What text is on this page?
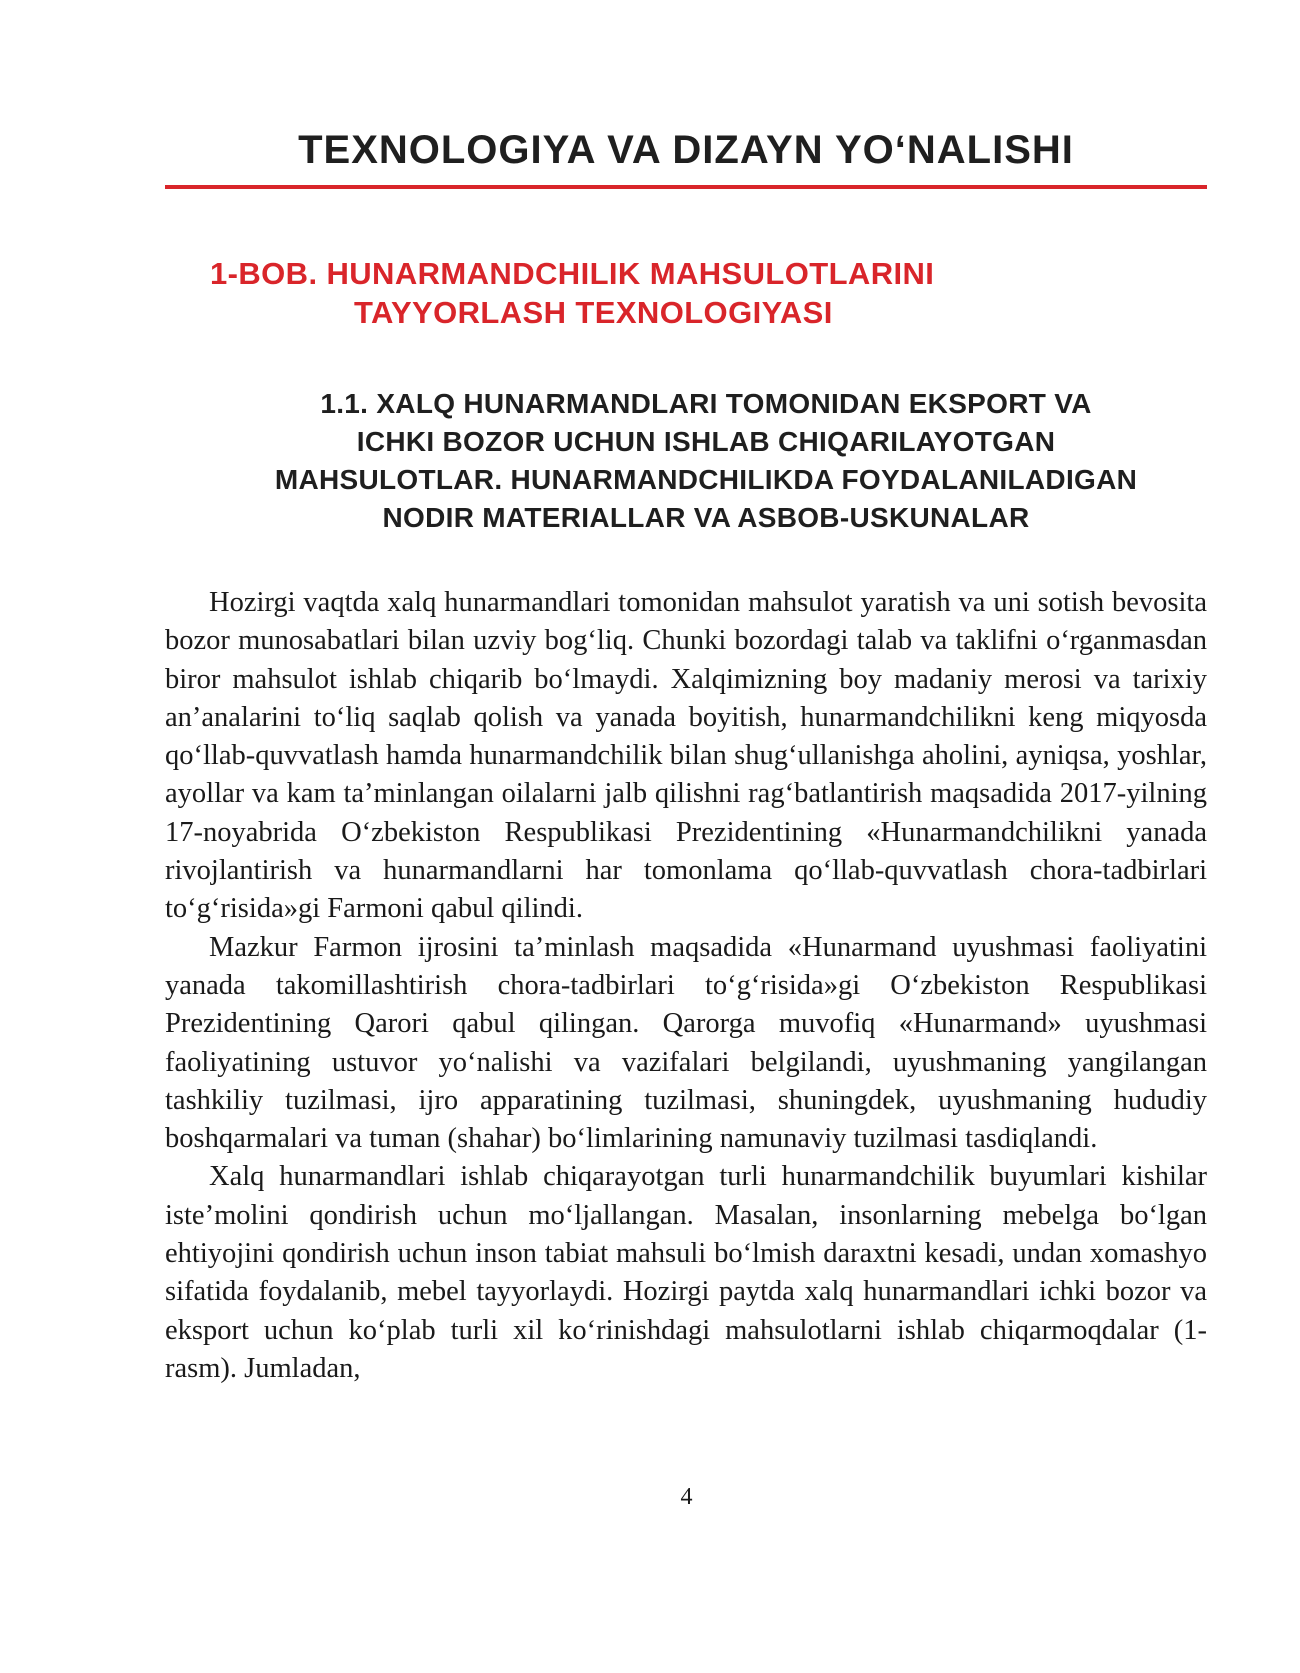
TEXNOLOGIYA VA DIZAYN YO‘NALISHI
1-BOB. HUNARMANDCHILIK MAHSULOTLARINI
TAYYORLASH TEXNOLOGIYASI
1.1. XALQ HUNARMANDLARI TOMONIDAN EKSPORT VA
ICHKI BOZOR UCHUN ISHLAB CHIQARILAYOTGAN
MAHSULOTLAR. HUNARMANDCHILIKDA FOYDALANILADIGAN
NODIR MATERIALLAR VA ASBOB-USKUNALAR

Hozirgi vaqtda xalq hunarmandlari tomonidan mahsulot yaratish va uni sotish bevosita bozor munosabatlari bilan uzviy bog‘liq. Chunki bozordagi talab va taklifni o‘rganmasdan biror mahsulot ishlab chiqarib bo‘lmaydi. Xalqimizning boy madaniy merosi va tarixiy an’analarini to‘liq saqlab qolish va yanada boyitish, hunarmandchilikni keng miqyosda qo‘llab-quvvatlash hamda hunarmandchilik bilan shug‘ullanishga aholini, ayniqsa, yoshlar, ayollar va kam ta’minlangan oilalarni jalb qilishni rag‘batlantirish maqsadida 2017-yilning 17-noyabrida O‘zbekiston Respublikasi Prezidentining «Hunarmandchilikni yanada rivojlantirish va hunarmandlarni har tomonlama qo‘llab-quvvatlash chora-tadbirlari to‘g‘risida»gi Farmoni qabul qilindi.

Mazkur Farmon ijrosini ta’minlash maqsadida «Hunarmand uyushmasi faoliyatini yanada takomillashtirish chora-tadbirlari to‘g‘risida»gi O‘zbekiston Respublikasi Prezidentining Qarori qabul qilingan. Qarorga muvofiq «Hunarmand» uyushmasi faoliyatining ustuvor yo‘nalishi va vazifalari belgilandi, uyushmaning yangilangan tashkiliy tuzilmasi, ijro apparatining tuzilmasi, shuningdek, uyushmaning hududiy boshqarmalari va tuman (shahar) bo‘limlarining namunaviy tuzilmasi tasdiqlandi.

Xalq hunarmandlari ishlab chiqarayotgan turli hunarmandchilik buyumlari kishilar iste’molini qondirish uchun mo‘ljallangan. Masalan, insonlarning mebelga bo‘lgan ehtiyojini qondirish uchun inson tabiat mahsuli bo‘lmish daraxtni kesadi, undan xomashyo sifatida foydalanib, mebel tayyorlaydi. Hozirgi paytda xalq hunarmandlari ichki bozor va eksport uchun ko‘plab turli xil ko‘rinishdagi mahsulotlarni ishlab chiqarmoqdalar (1-rasm). Jumladan,

4
